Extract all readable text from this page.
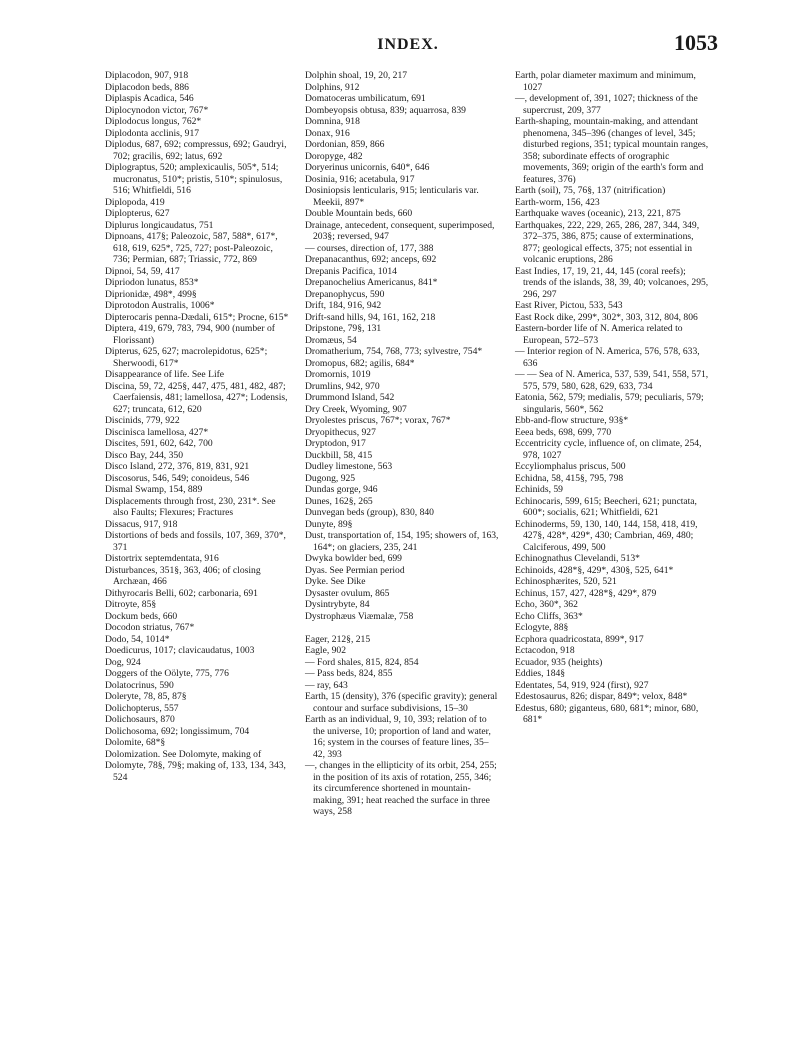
INDEX.	1053

Diplacodon, 907, 918

Diplacodon beds, 886

Diplaspis Acadica, 546

Diplocynodon victor, 767*

Diplodocus longus, 762*

Diplodonta acclinis, 917

Diplodus, 687, 692; compressus, 692; Gaudryi, 702; gracilis, 692; latus, 692

Diplograptus, 520; amplexicaulis, 505*, 514; mucronatus, 510*; pristis, 510*; spinulosus, 516; Whitfieldi, 516

Diplopoda, 419

Diplopterus, 627

Diplurus longicaudatus, 751

Dipnoans, 417§; Paleozoic, 587, 588*, 617*, 618, 619, 625*, 725, 727; post-Paleozoic, 736; Permian, 687; Triassic, 772, 869

Dipnoi, 54, 59, 417

Dipriodon lunatus, 853*

Diprionidæ, 498*, 499§

Diprotodon Australis, 1006*

Dipterocaris penna-Dædali, 615*; Procne, 615*

Diptera, 419, 679, 783, 794, 900 (number of Florissant)

Dipterus, 625, 627; macrolepidotus, 625*; Sherwoodi, 617*

Disappearance of life. See Life

Discina, 59, 72, 425§, 447, 475, 481, 482, 487; Caerfaiensis, 481; lamellosa, 427*; Lodensis, 627; truncata, 612, 620

Discinids, 779, 922

Discinisca lamellosa, 427*

Discites, 591, 602, 642, 700

Disco Bay, 244, 350

Disco Island, 272, 376, 819, 831, 921

Discosorus, 546, 549; conoideus, 546

Dismal Swamp, 154, 889

Displacements through frost, 230, 231*. See also Faults; Flexures; Fractures

Dissacus, 917, 918

Distortions of beds and fossils, 107, 369, 370*, 371

Distortrix septemdentata, 916

Disturbances, 351§, 363, 406; of closing Archæan, 466

Dithyrocaris Belli, 602; carbonaria, 691

Ditroyte, 85§

Dockum beds, 660

Docodon striatus, 767*

Dodo, 54, 1014*

Doedicurus, 1017; clavicaudatus, 1003

Dog, 924

Doggers of the Oölyte, 775, 776

Dolatocrinus, 590

Doleryte, 78, 85, 87§

Dolichopterus, 557

Dolichosaurs, 870

Dolichosoma, 692; longissimum, 704

Dolomite, 68*§

Dolomization. See Dolomyte, making of

Dolomyte, 78§, 79§; making of, 133, 134, 343, 524

Dolphin shoal, 19, 20, 217

Dolphins, 912

Domatoceras umbilicatum, 691

Dombeyopsis obtusa, 839; aquarrosa, 839

Domnina, 918

Donax, 916

Dordonian, 859, 866

Doropyge, 482

Doryerinus unicornis, 640*, 646

Dosinia, 916; acetabula, 917

Dosiniopsis lenticularis, 915; lenticularis var. Meekii, 897*

Double Mountain beds, 660

Drainage, antecedent, consequent, superimposed, 203§; reversed, 947

— courses, direction of, 177, 388

Drepanacanthus, 692; anceps, 692

Drepanis Pacifica, 1014

Drepanochelius Americanus, 841*

Drepanophycus, 590

Drift, 184, 916, 942

Drift-sand hills, 94, 161, 162, 218

Dripstone, 79§, 131

Dromæus, 54

Dromatherium, 754, 768, 773; sylvestre, 754*

Dromopus, 682; agilis, 684*

Dromornis, 1019

Drumlins, 942, 970

Drummond Island, 542

Dry Creek, Wyoming, 907

Dryolestes priscus, 767*; vorax, 767*

Dryopithecus, 927

Dryptodon, 917

Duckbill, 58, 415

Dudley limestone, 563

Dugong, 925

Dundas gorge, 946

Dunes, 162§, 265

Dunvegan beds (group), 830, 840

Dunyte, 89§

Dust, transportation of, 154, 195; showers of, 163, 164*; on glaciers, 235, 241

Dwyka bowlder bed, 699

Dyas. See Permian period

Dyke. See Dike

Dysaster ovulum, 865

Dysintrybyte, 84

Dystrophæus Viæmalæ, 758

Eager, 212§, 215

Eagle, 902

— Ford shales, 815, 824, 854

— Pass beds, 824, 855

— ray, 643

Earth, 15 (density), 376 (specific gravity); general contour and surface subdivisions, 15–30

Earth as an individual, 9, 10, 393; relation of to the universe, 10; proportion of land and water, 16; system in the courses of feature lines, 35–42, 393

—, changes in the ellipticity of its orbit, 254, 255; in the position of its axis of rotation, 255, 346; its circumference shortened in mountain-making, 391; heat reached the surface in three ways, 258

Earth, polar diameter maximum and minimum, 1027

—, development of, 391, 1027; thickness of the supercrust, 209, 377

Earth-shaping, mountain-making, and attendant phenomena, 345–396 (changes of level, 345; disturbed regions, 351; typical mountain ranges, 358; subordinate effects of orographic movements, 369; origin of the earth's form and features, 376)

Earth (soil), 75, 76§, 137 (nitrification)

Earth-worm, 156, 423

Earthquake waves (oceanic), 213, 221, 875

Earthquakes, 222, 229, 265, 286, 287, 344, 349, 372–375, 386, 875; cause of exterminations, 877; geological effects, 375; not essential in volcanic eruptions, 286

East Indies, 17, 19, 21, 44, 145 (coral reefs); trends of the islands, 38, 39, 40; volcanoes, 295, 296, 297

East River, Pictou, 533, 543

East Rock dike, 299*, 302*, 303, 312, 804, 806

Eastern-border life of N. America related to European, 572–573

— Interior region of N. America, 576, 578, 633, 636

— — Sea of N. America, 537, 539, 541, 558, 571, 575, 579, 580, 628, 629, 633, 734

Eatonia, 562, 579; medialis, 579; peculiaris, 579; singularis, 560*, 562

Ebb-and-flow structure, 93§*

Eeea beds, 698, 699, 770

Eccentricity cycle, influence of, on climate, 254, 978, 1027

Eccyliomphalus priscus, 500

Echidna, 58, 415§, 795, 798

Echinids, 59

Echinocaris, 599, 615; Beecheri, 621; punctata, 600*; socialis, 621; Whitfieldi, 621

Echinoderms, 59, 130, 140, 144, 158, 418, 419, 427§, 428*, 429*, 430; Cambrian, 469, 480; Calciferous, 499, 500

Echinognathus Clevelandi, 513*

Echinoids, 428*§, 429*, 430§, 525, 641*

Echinosphærites, 520, 521

Echinus, 157, 427, 428*§, 429*, 879

Echo, 360*, 362

Echo Cliffs, 363*

Eclogyte, 88§

Ecphora quadricostata, 899*, 917

Ectacodon, 918

Ecuador, 935 (heights)

Eddies, 184§

Edentates, 54, 919, 924 (first), 927

Edestosaurus, 826; dispar, 849*; velox, 848*

Edestus, 680; giganteus, 680, 681*; minor, 680, 681*
